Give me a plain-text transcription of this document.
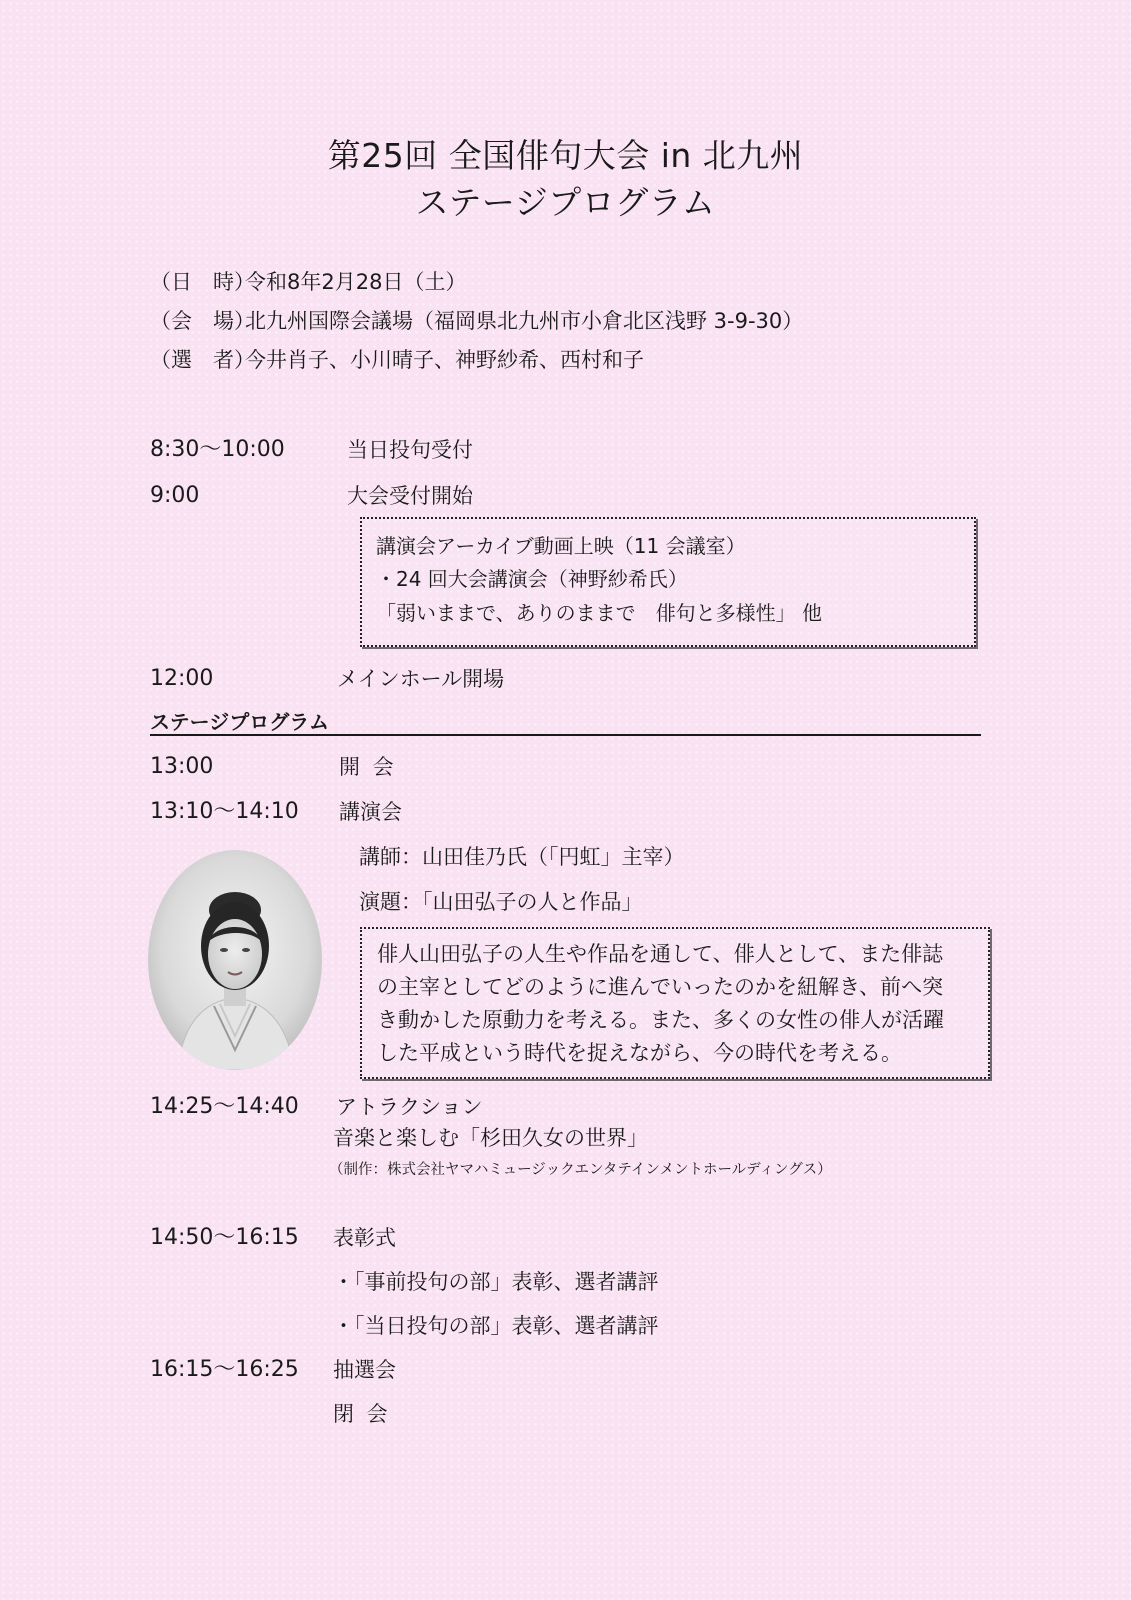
第25回 全国俳句大会 in 北九州
ステージプログラム
（日　時）令和8年2月28日（土）
（会　場）北九州国際会議場（福岡県北九州市小倉北区浅野 3-9-30）
（選　者）今井肖子、小川晴子、神野紗希、西村和子
8:30～10:00	当日投句受付
9:00	大会受付開始
講演会アーカイブ動画上映（11 会議室）
・24 回大会講演会（神野紗希氏）
「弱いままで、ありのままで　俳句と多様性」 他
12:00	メインホール開場
ステージプログラム
13:00	開 会
13:10～14:10 講演会
講師：山田佳乃氏（「円虹」主宰）
演題：「山田弘子の人と作品」
俳人山田弘子の人生や作品を通して、俳人として、また俳誌
の主宰としてどのように進んでいったのかを紐解き、前へ突
き動かした原動力を考える。また、多くの女性の俳人が活躍
した平成という時代を捉えながら、今の時代を考える。
14:25～14:40 アトラクション
音楽と楽しむ「杉田久女の世界」
（制作：株式会社ヤマハミュージックエンタテインメントホールディングス）
14:50～16:15 表彰式
・「事前投句の部」表彰、選者講評
・「当日投句の部」表彰、選者講評
16:15～16:25 抽選会
閉 会
